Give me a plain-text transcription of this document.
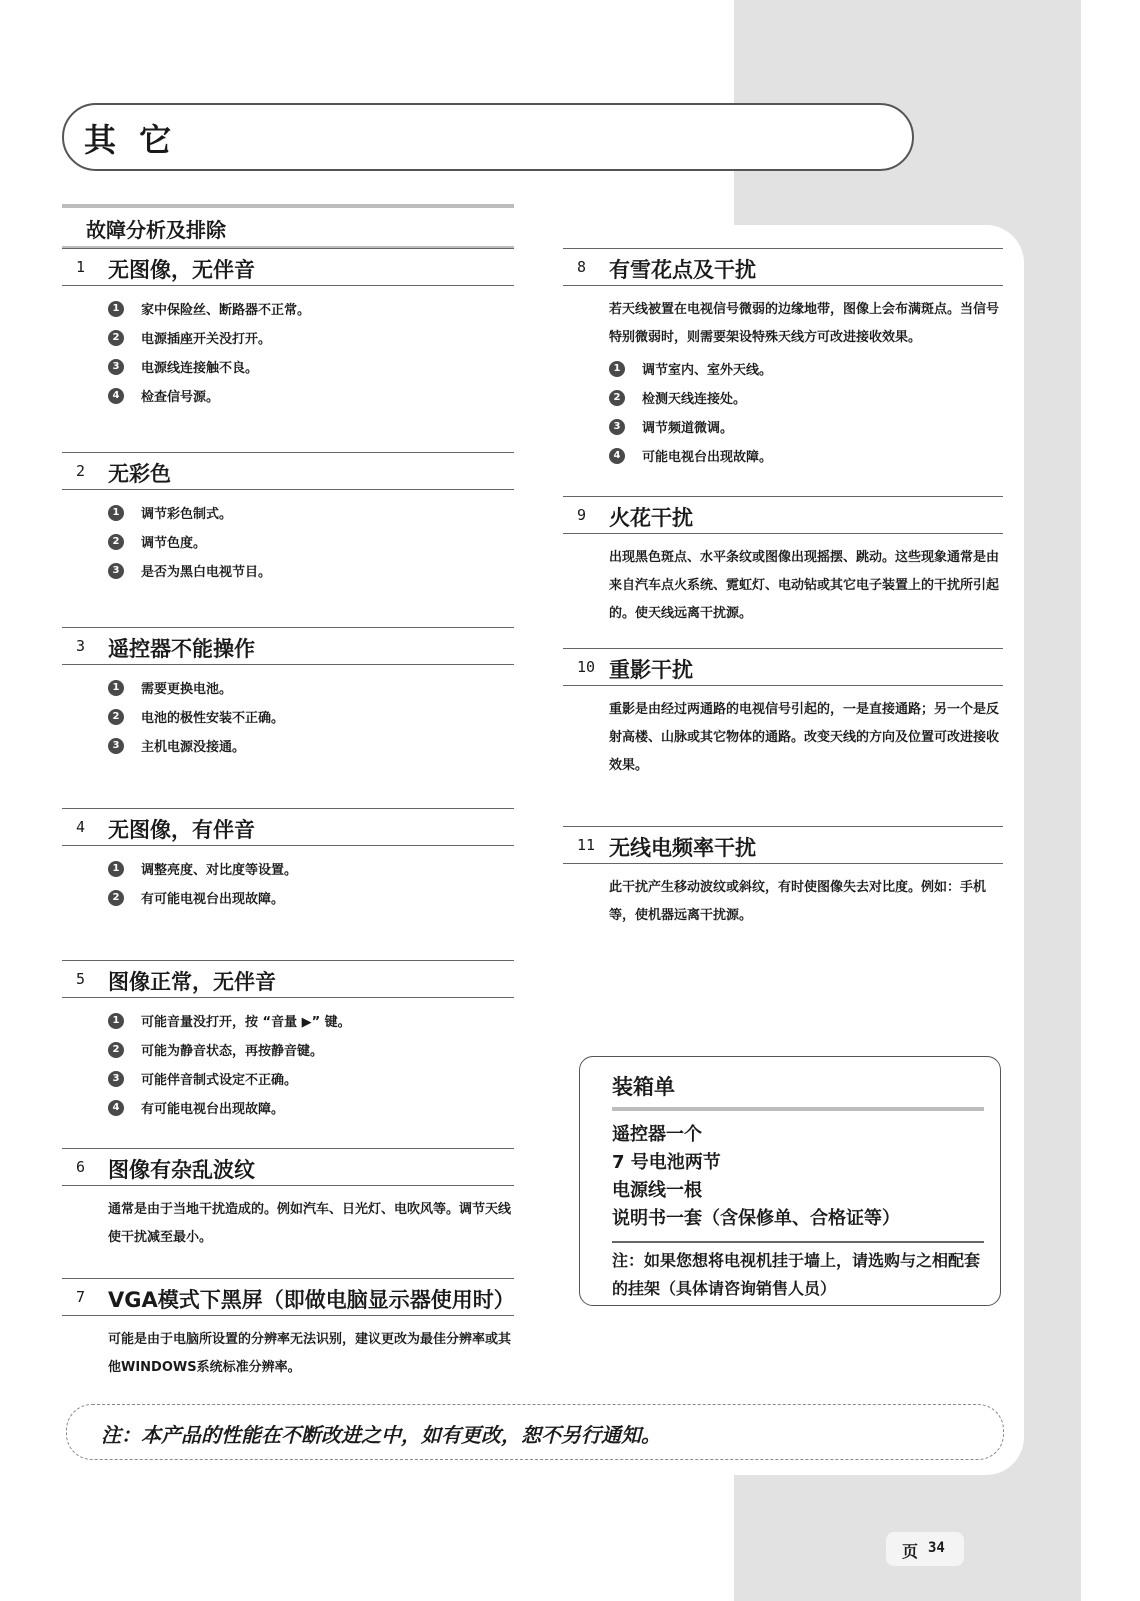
其 它
故障分析及排除
1 无图像，无伴音
1	家中保险丝、断路器不正常。
2	电源插座开关没打开。
3	电源线连接触不良。
4	检查信号源。
2 无彩色
1	调节彩色制式。
2	调节色度。
3	是否为黑白电视节目。
3 遥控器不能操作
1	需要更换电池。
2	电池的极性安装不正确。
3	主机电源没接通。
4 无图像，有伴音
1	调整亮度、对比度等设置。
2	有可能电视台出现故障。
5 图像正常，无伴音
1	可能音量没打开，按 “音量 ▶” 键。
2	可能为静音状态，再按静音键。
3	可能伴音制式设定不正确。
4	有可能电视台出现故障。
6 图像有杂乱波纹
通常是由于当地干扰造成的。例如汽车、日光灯、电吹风等。调节天线使干扰减至最小。
7 VGA模式下黑屏（即做电脑显示器使用时）
可能是由于电脑所设置的分辨率无法识别，建议更改为最佳分辨率或其他WINDOWS系统标准分辨率。
8 有雪花点及干扰
若天线被置在电视信号微弱的边缘地带，图像上会布满斑点。当信号特别微弱时，则需要架设特殊天线方可改进接收效果。
1	调节室内、室外天线。
2	检测天线连接处。
3	调节频道微调。
4	可能电视台出现故障。
9 火花干扰
出现黑色斑点、水平条纹或图像出现摇摆、跳动。这些现象通常是由来自汽车点火系统、霓虹灯、电动钻或其它电子装置上的干扰所引起的。使天线远离干扰源。
10 重影干扰
重影是由经过两通路的电视信号引起的，一是直接通路；另一个是反射高楼、山脉或其它物体的通路。改变天线的方向及位置可改进接收效果。
11 无线电频率干扰
此干扰产生移动波纹或斜纹，有时使图像失去对比度。例如：手机等，使机器远离干扰源。
装箱单
遥控器一个
7 号电池两节
电源线一根
说明书一套（含保修单、合格证等）
注：如果您想将电视机挂于墙上，请选购与之相配套的挂架（具体请咨询销售人员）
注：本产品的性能在不断改进之中，如有更改，恕不另行通知。
页 34
